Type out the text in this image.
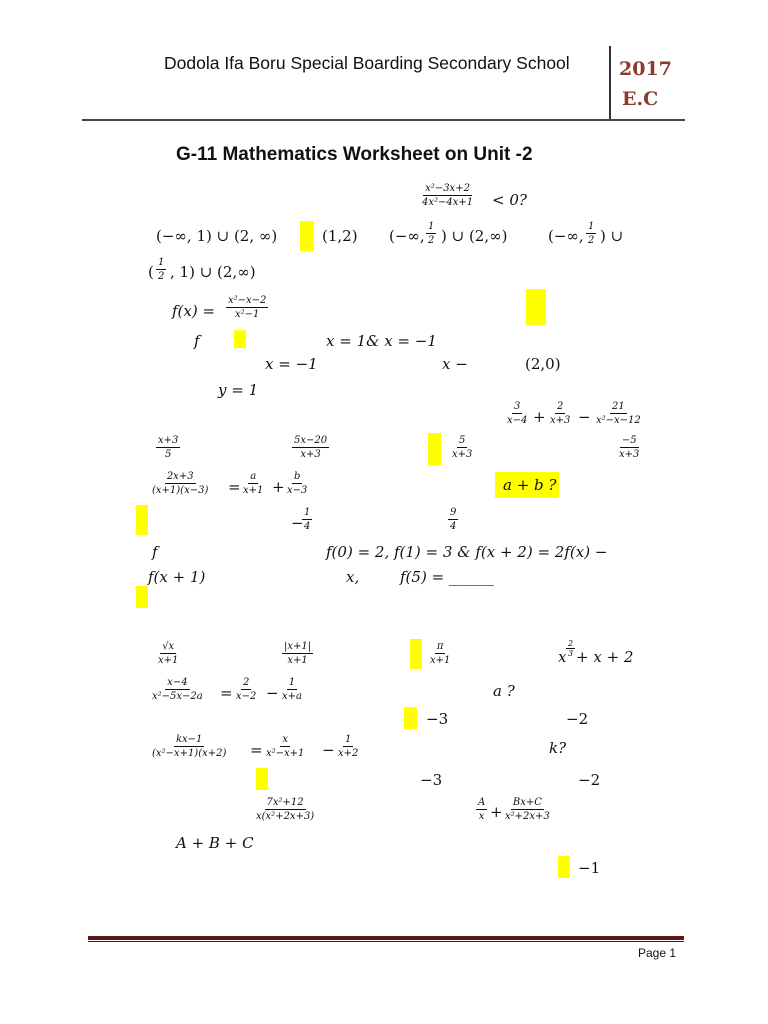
Dodola Ifa Boru Special Boarding Secondary School	2017
E.C
G-11 Mathematics Worksheet on Unit -2
$\frac{\text{x²−3x+2}}{\text{4x²−4x+1}} < 0$?
(−∞, 1) ∪ (2, ∞)	(1,2) (−∞, $\frac{1}{2}$ ) ∪ (2,∞)	(−∞, $\frac{1}{2}$ ) ∪
( $\frac{1}{2}$ , 1) ∪ (2,∞)
$f(x) = \frac{\text{x²−x−2}}{\text{x²−1}}$
f	x = 1& x = −1
x = −1	x −	(2,0)
y = 1
$\frac{3}{x-4} + \frac{2}{x+3} - \frac{21}{\text{x²−x−12}}$
$\frac{x+3}{5}$	$\frac{5x-20}{x+3}$	$\frac{5}{x+3}$	$\frac{-5}{x+3}$
$\frac{2x+3}{(x+1)(x-3)} = \frac{a}{x+1} + \frac{b}{x-3}$	a + b ?
−
$\frac{1}{4}$	$\frac{9}{4}$
f	f(0) = 2, f(1) = 3 & f(x + 2) = 2f(x) −
f(x + 1)	x,	f(5) = ______
$\frac{√x}{x+1}$	$\frac{|x+1|}{x+1}$	$\frac{\pi}{x+1}$	x $\frac{2}{3} + x + 2$
$\frac{x-4}{\text{x²−5x−2a}} = \frac{2}{x-2} - \frac{1}{x+a}$	a ?
−3	−2
$\frac{kx-1}{\text{(x²−x+1)(x+2)}} = \frac{x}{\text{x²−x+1}} - \frac{1}{x+2}$	k?
−3	−2
$\frac{\text{7x²+12}}{\text{x(x²+2x+3)}}$	$\frac{A}{x} + \frac{Bx+C}{\text{x²+2x+3}}$
A + B + C
−1
Page 1
